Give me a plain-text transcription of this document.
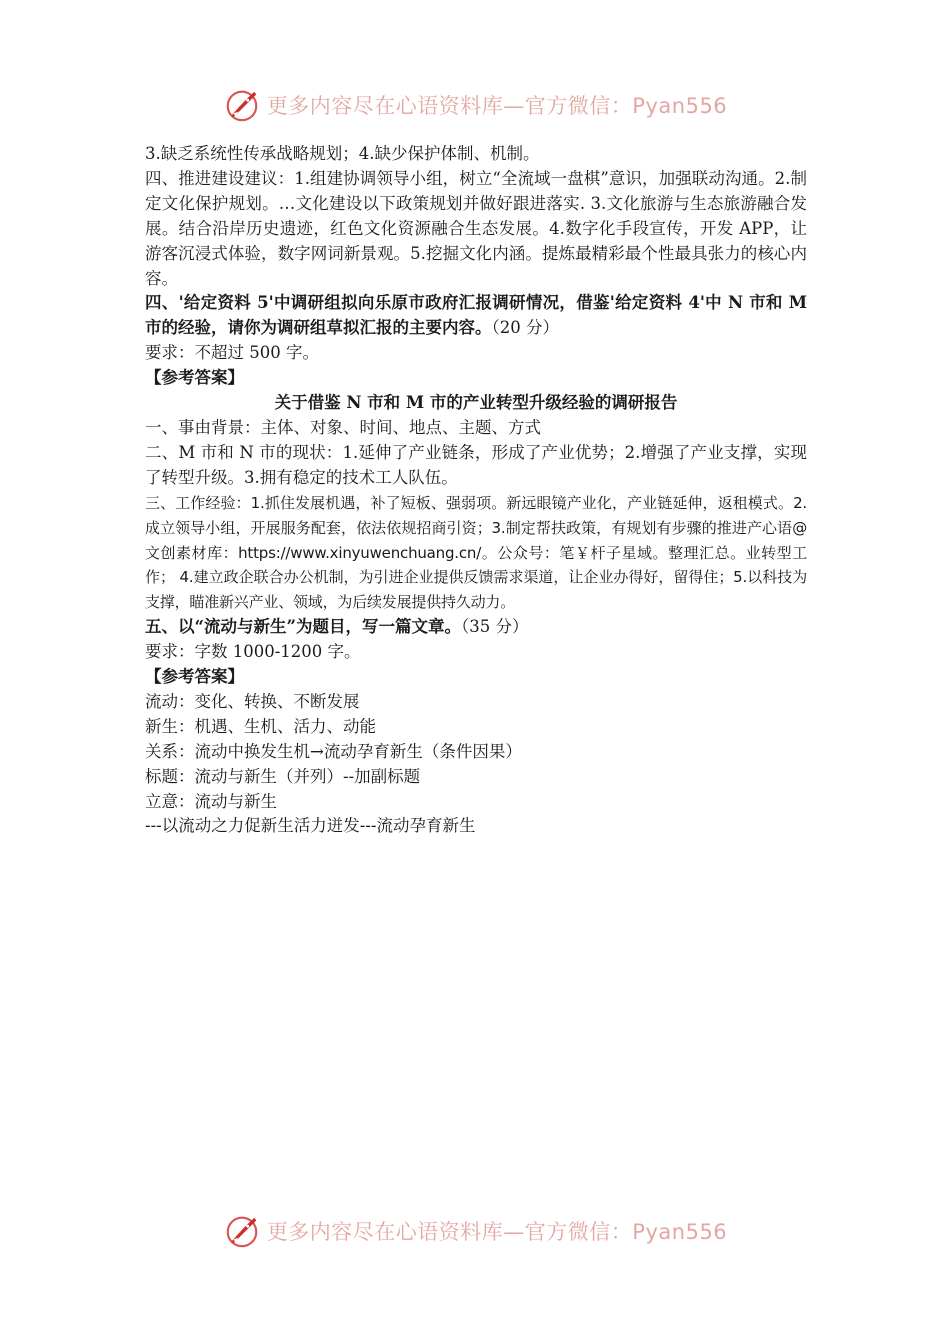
更多内容尽在心语资料库—官方微信：Pyan556

3.缺乏系统性传承战略规划；4.缺少保护体制、机制。

四、推进建设建议：1.组建协调领导小组，树立“全流域一盘棋”意识，加强联动沟通。2.制定文化保护规划。…文化建设以下政策规划并做好跟进落实. 3.文化旅游与生态旅游融合发展。结合沿岸历史遗迹，红色文化资源融合生态发展。4.数字化手段宣传，开发 APP，让游客沉浸式体验，数字网词新景观。5.挖掘文化内涵。提炼最精彩最个性最具张力的核心内容。

四、'给定资料 5'中调研组拟向乐原市政府汇报调研情况，借鉴'给定资料 4'中 N 市和 M 市的经验，请你为调研组草拟汇报的主要内容。（20 分）

要求：不超过 500 字。

【参考答案】

关于借鉴 N 市和 M 市的产业转型升级经验的调研报告

一、事由背景：主体、对象、时间、地点、主题、方式

二、M 市和 N 市的现状：1.延伸了产业链条，形成了产业优势；2.增强了产业支撑，实现了转型升级。3.拥有稳定的技术工人队伍。

三、工作经验：1.抓住发展机遇，补了短板、强弱项。新远眼镜产业化，产业链延伸，返租模式。2.成立领导小组，开展服务配套，依法依规招商引资；3.制定帮扶政策，有规划有步骤的推进产心语@文创素材库：https://www.xinyuwenchuang.cn/。公众号：笔￥杆子星域。整理汇总。业转型工作； 4.建立政企联合办公机制，为引进企业提供反馈需求渠道，让企业办得好，留得住；5.以科技为支撑，瞄准新兴产业、领域，为后续发展提供持久动力。

五、以“流动与新生”为题目，写一篇文章。（35 分）

要求：字数 1000-1200 字。

【参考答案】

流动：变化、转换、不断发展

新生：机遇、生机、活力、动能

关系：流动中换发生机→流动孕育新生（条件因果）

标题：流动与新生（并列）--加副标题

立意：流动与新生

---以流动之力促新生活力迸发---流动孕育新生

更多内容尽在心语资料库—官方微信：Pyan556
